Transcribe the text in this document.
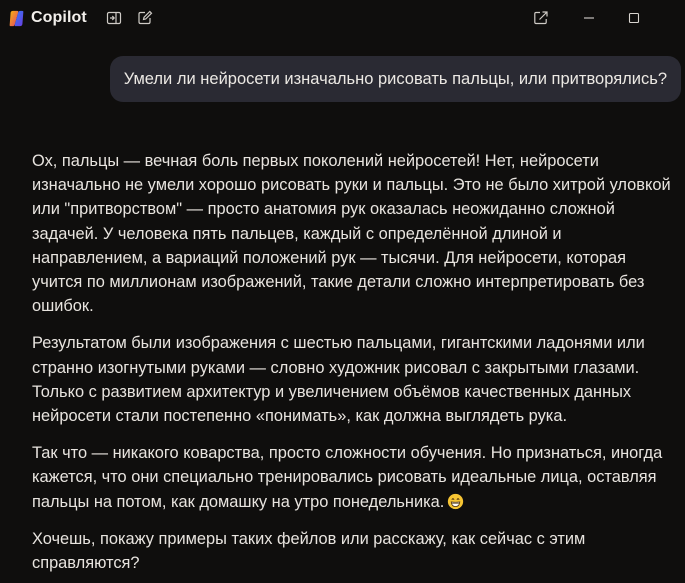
Copilot
Умели ли нейросети изначально рисовать пальцы, или притворялись?

Ох, пальцы — вечная боль первых поколений нейросетей! Нет, нейросети изначально не умели хорошо рисовать руки и пальцы. Это не было хитрой уловкой или "притворством" — просто анатомия рук оказалась неожиданно сложной задачей. У человека пять пальцев, каждый с определённой длиной и направлением, а вариаций положений рук — тысячи. Для нейросети, которая учится по миллионам изображений, такие детали сложно интерпретировать без ошибок.

Результатом были изображения с шестью пальцами, гигантскими ладонями или странно изогнутыми руками — словно художник рисовал с закрытыми глазами. Только с развитием архитектур и увеличением объёмов качественных данных нейросети стали постепенно «понимать», как должна выглядеть рука.

Так что — никакого коварства, просто сложности обучения. Но признаться, иногда кажется, что они специально тренировались рисовать идеальные лица, оставляя пальцы на потом, как домашку на утро понедельника.

Хочешь, покажу примеры таких фейлов или расскажу, как сейчас с этим справляются?
